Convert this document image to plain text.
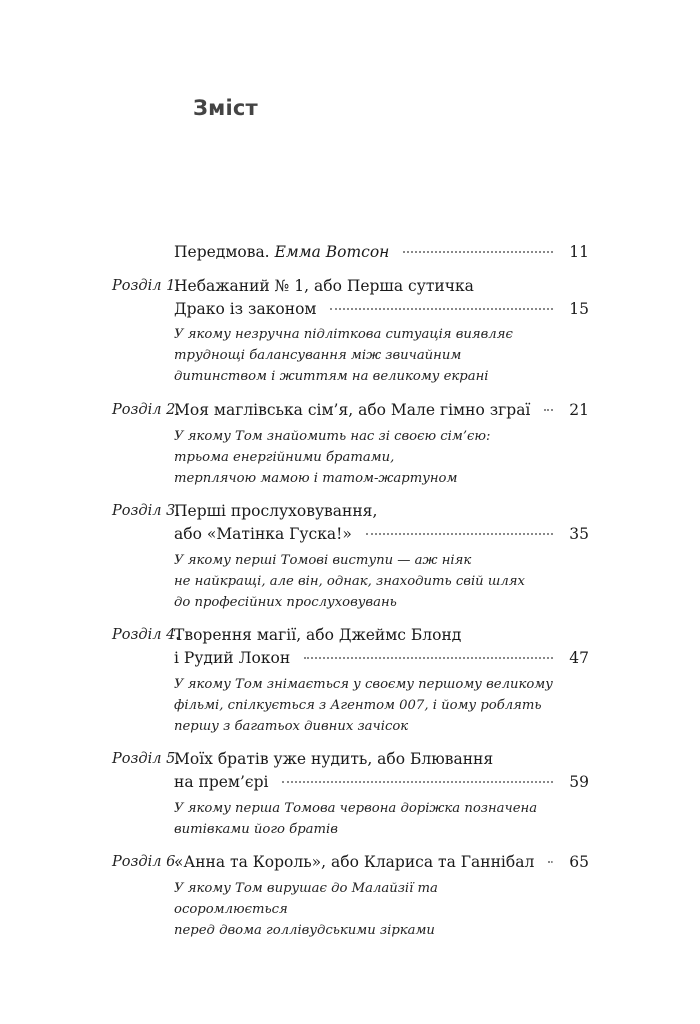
Зміст
Передмова. Емма Вотсон	11
Розділ 1.
Небажаний № 1, або Перша сутичка
Драко із законом	15
У якому незручна підліткова ситуація виявляє
труднощі балансування між звичайним
дитинством і життям на великому екрані
Розділ 2.
Моя маглівська сім’я, або Мале гімно зграї	21
У якому Том знайомить нас зі своєю сім’єю:
трьома енергійними братами,
терплячою мамою і татом-жартуном
Розділ 3.
Перші прослуховування,
або «Матінка Гуска!»	35
У якому перші Томові виступи — аж ніяк
не найкращі, але він, однак, знаходить свій шлях
до професійних прослуховувань
Розділ 4.
Творення магії, або Джеймс Блонд
і Рудий Локон	47
У якому Том знімається у своєму першому великому
фільмі, спілкується з Агентом 007, і йому роблять
першу з багатьох дивних зачісок
Розділ 5.
Моїх братів уже нудить, або Блювання
на прем’єрі	59
У якому перша Томова червона доріжка позначена
витівками його братів
Розділ 6.
«Анна та Король», або Клариса та Ганнібал 65
У якому Том вирушає до Малайзії та осоромлюється
перед двома голлівудськими зірками
